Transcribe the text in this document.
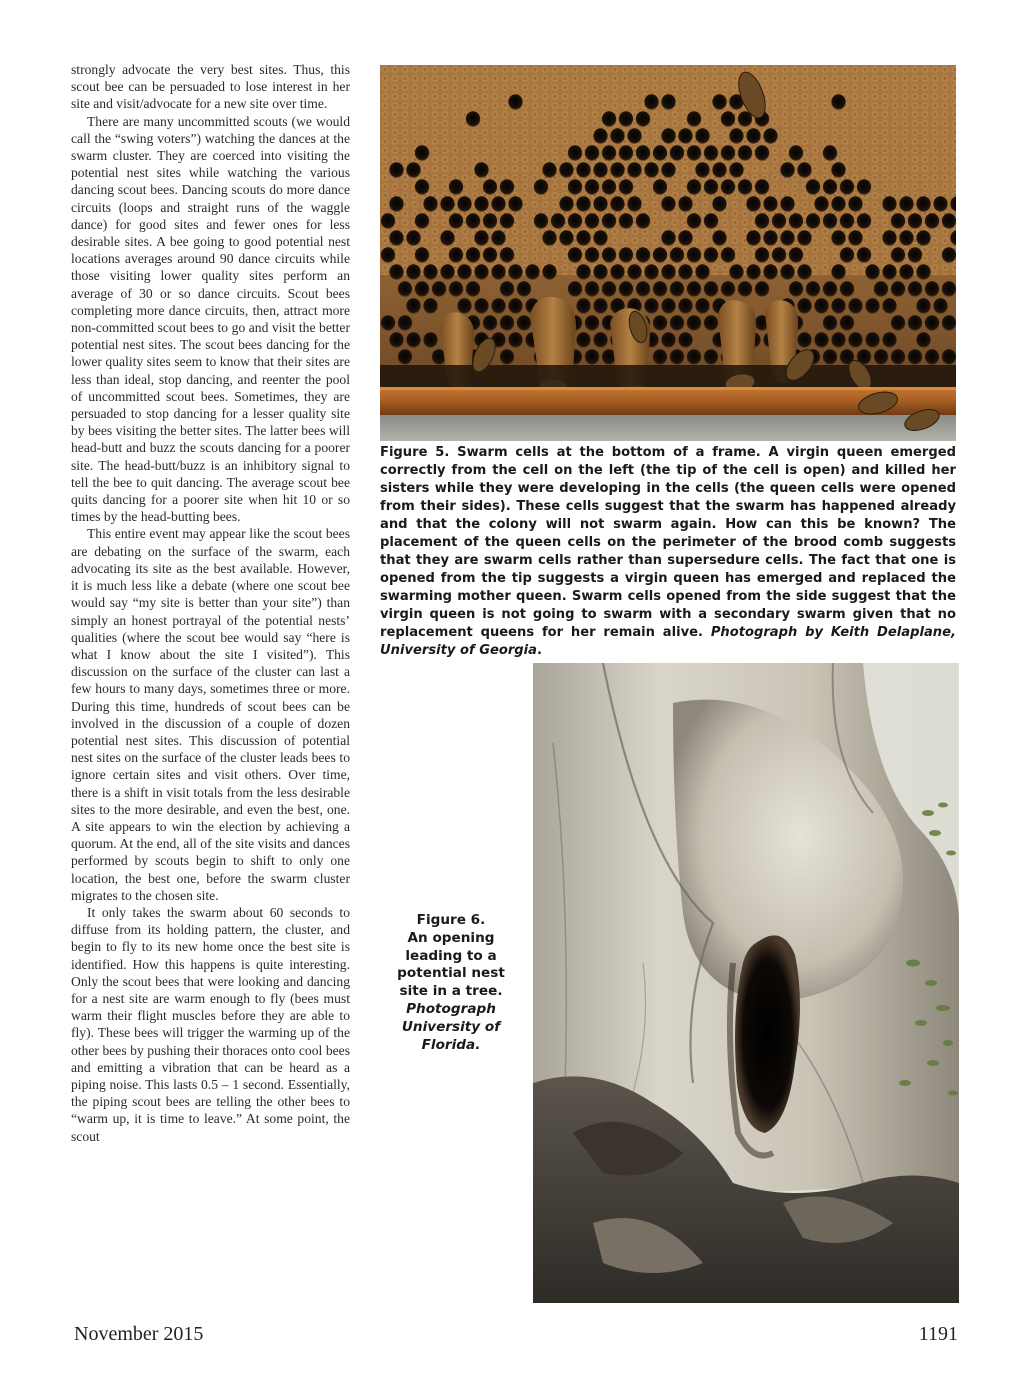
strongly advocate the very best sites. Thus, this scout bee can be persuaded to lose interest in her site and visit/advocate for a new site over time.

There are many uncommitted scouts (we would call the “swing voters”) watching the dances at the swarm cluster. They are coerced into visiting the potential nest sites while watching the various dancing scout bees. Dancing scouts do more dance circuits (loops and straight runs of the waggle dance) for good sites and fewer ones for less desirable sites. A bee going to good potential nest locations averages around 90 dance circuits while those visiting lower quality sites perform an average of 30 or so dance circuits. Scout bees completing more dance circuits, then, attract more non-committed scout bees to go and visit the better potential nest sites. The scout bees dancing for the lower quality sites seem to know that their sites are less than ideal, stop dancing, and reenter the pool of uncommitted scout bees. Sometimes, they are persuaded to stop dancing for a lesser quality site by bees visiting the better sites. The latter bees will head-butt and buzz the scouts dancing for a poorer site. The head-butt/buzz is an inhibitory signal to tell the bee to quit dancing. The average scout bee quits dancing for a poorer site when hit 10 or so times by the head-butting bees.

This entire event may appear like the scout bees are debating on the surface of the swarm, each advocating its site as the best available. However, it is much less like a debate (where one scout bee would say “my site is better than your site”) than simply an honest portrayal of the potential nests’ qualities (where the scout bee would say “here is what I know about the site I visited”). This discussion on the surface of the cluster can last a few hours to many days, sometimes three or more. During this time, hundreds of scout bees can be involved in the discussion of a couple of dozen potential nest sites. This discussion of potential nest sites on the surface of the cluster leads bees to ignore certain sites and visit others. Over time, there is a shift in visit totals from the less desirable sites to the more desirable, and even the best, one. A site appears to win the election by achieving a quorum. At the end, all of the site visits and dances performed by scouts begin to shift to only one location, the best one, before the swarm cluster migrates to the chosen site.

It only takes the swarm about 60 seconds to diffuse from its holding pattern, the cluster, and begin to fly to its new home once the best site is identified. How this happens is quite interesting. Only the scout bees that were looking and dancing for a nest site are warm enough to fly (bees must warm their flight muscles before they are able to fly). These bees will trigger the warming up of the other bees by pushing their thoraces onto cool bees and emitting a vibration that can be heard as a piping noise. This lasts 0.5 – 1 second. Essentially, the piping scout bees are telling the other bees to “warm up, it is time to leave.” At some point, the scout

Figure 5. Swarm cells at the bottom of a frame. A virgin queen emerged correctly from the cell on the left (the tip of the cell is open) and killed her sisters while they were developing in the cells (the queen cells were opened from their sides). These cells suggest that the swarm has happened already and that the colony will not swarm again. How can this be known? The placement of the queen cells on the perimeter of the brood comb suggests that they are swarm cells rather than supersedure cells. The fact that one is opened from the tip suggests a virgin queen has emerged and replaced the swarming mother queen. Swarm cells opened from the side suggest that the virgin queen is not going to swarm with a secondary swarm given that no replacement queens for her remain alive. Photograph by Keith Delaplane, University of Georgia.
Figure 6.
An opening
leading to a
potential nest
site in a tree.
Photograph
University of
Florida.
November 2015	1191
